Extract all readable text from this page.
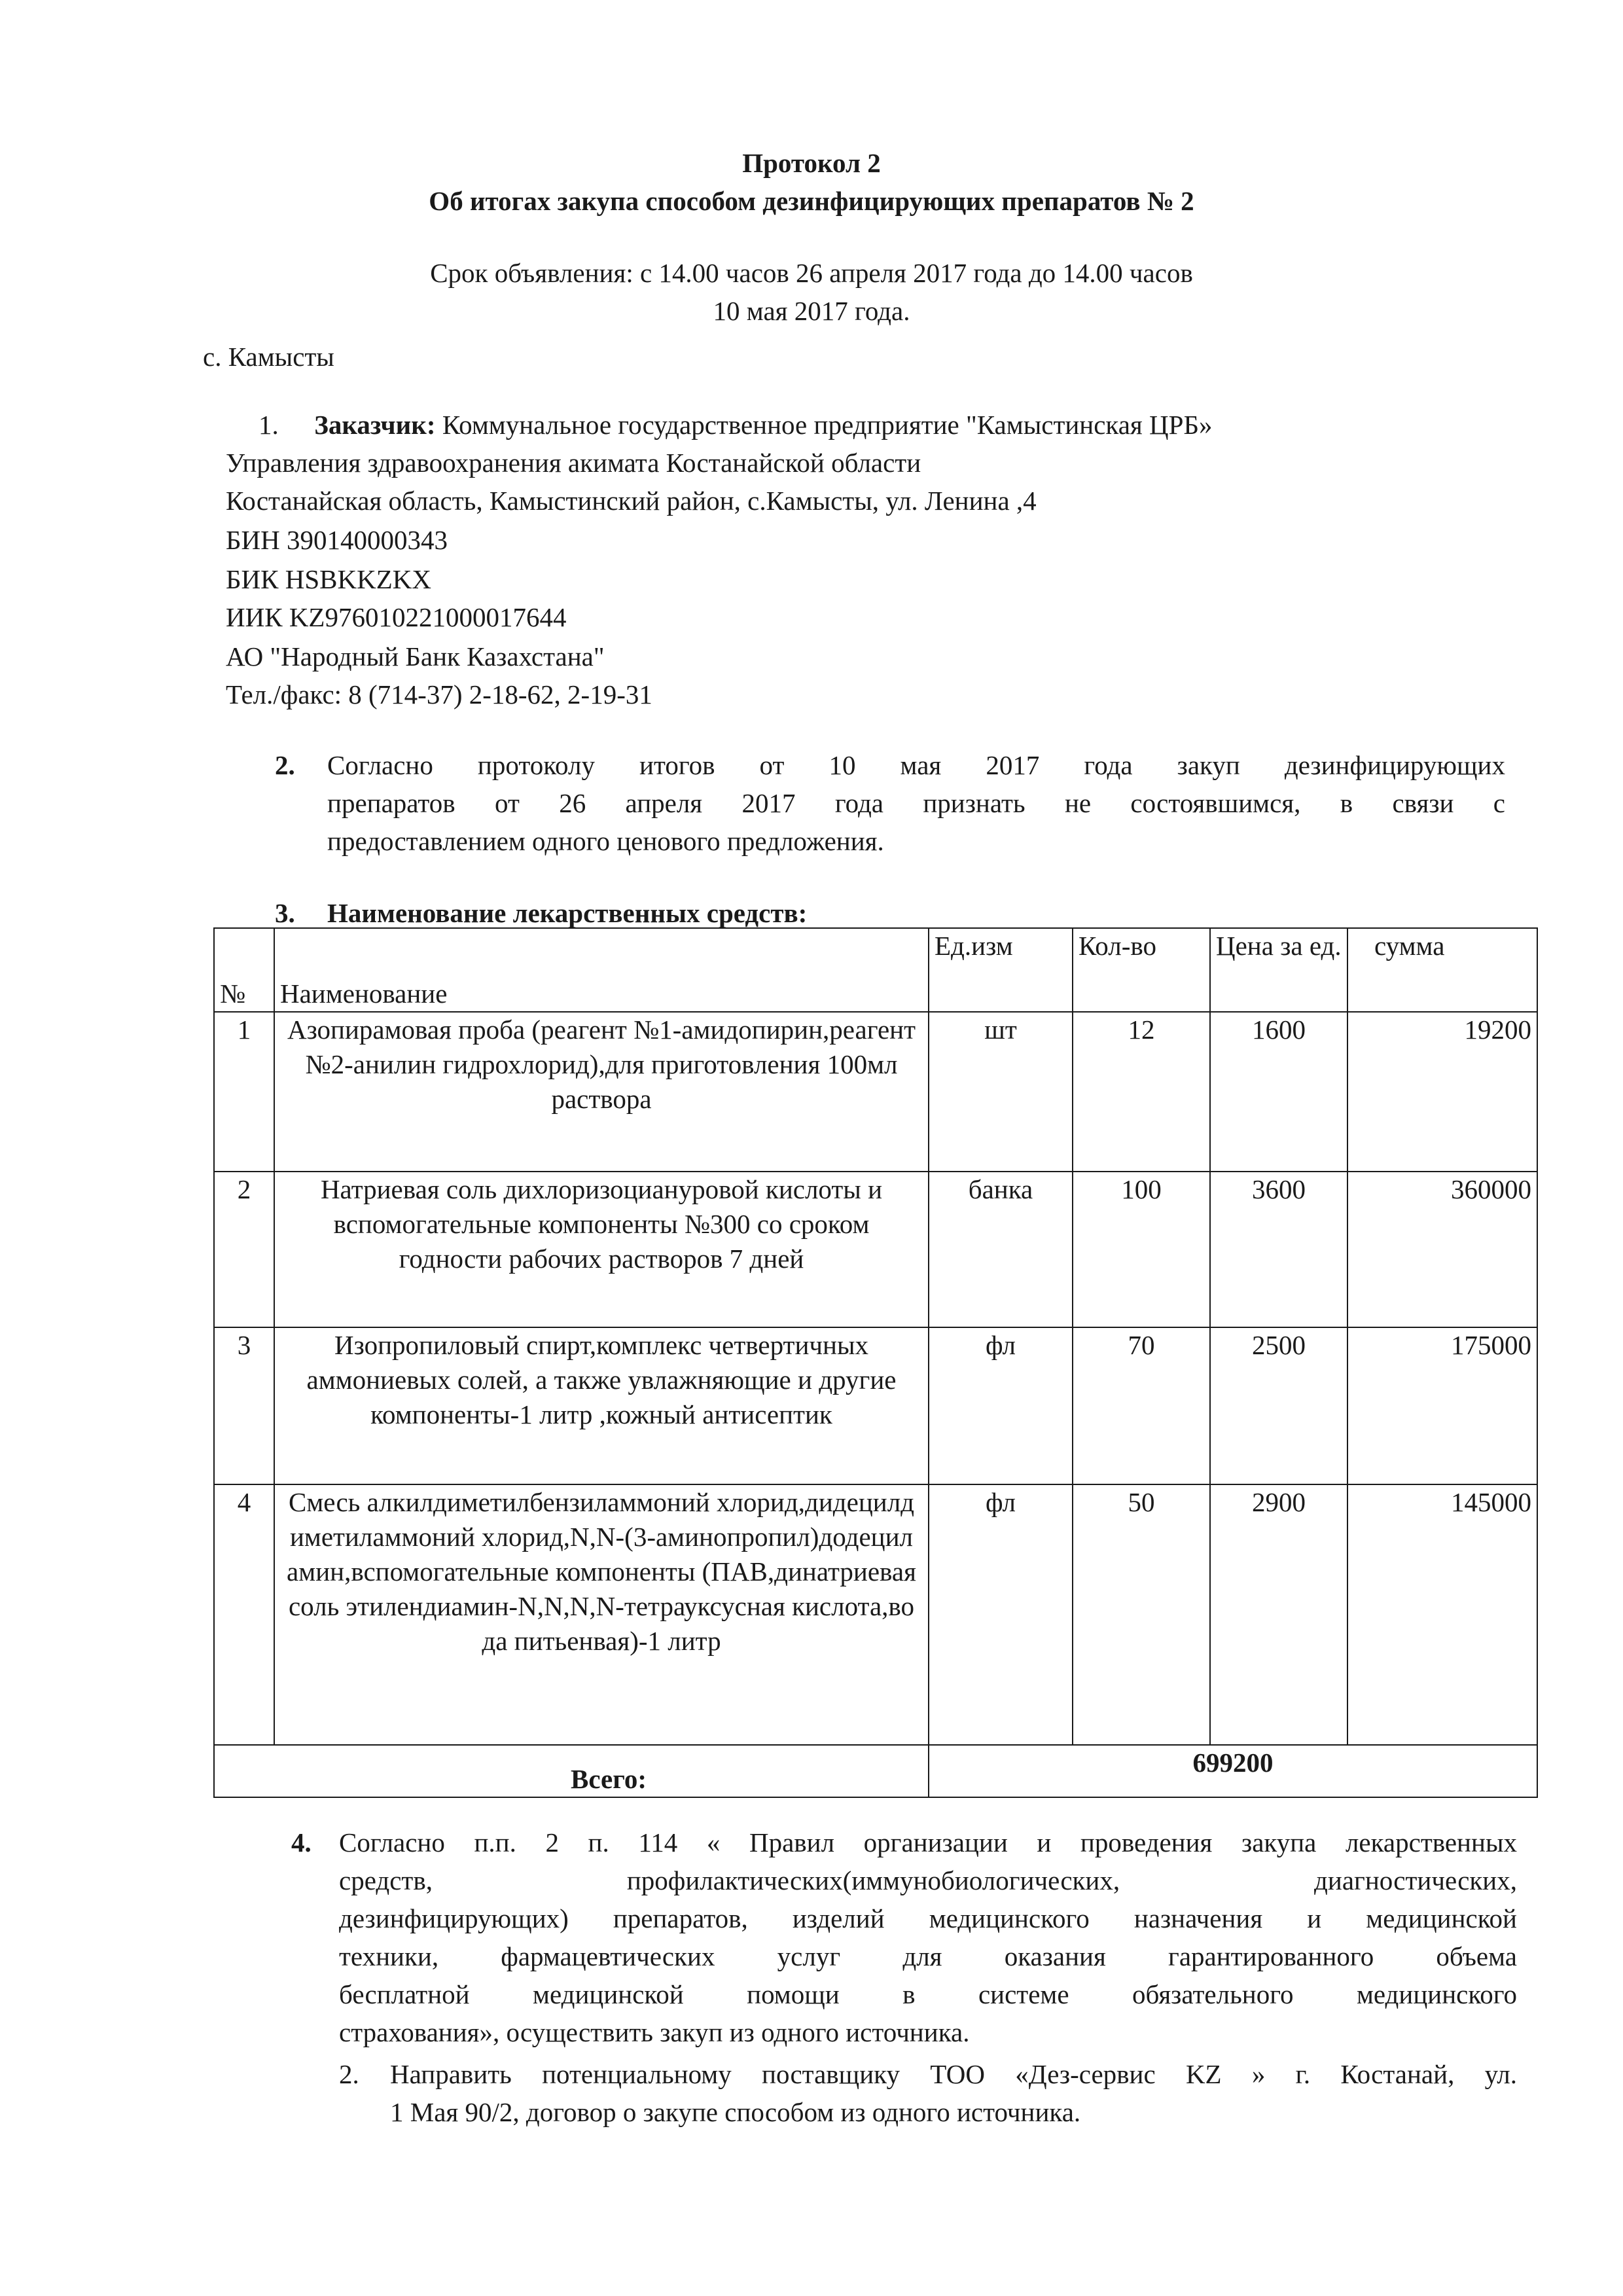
Протокол 2
Об итогах закупа способом дезинфицирующих препаратов № 2
Срок объявления: с 14.00 часов 26 апреля 2017 года до 14.00 часов
10 мая 2017 года.
с. Камысты
1. Заказчик: Коммунальное государственное предприятие "Камыстинская ЦРБ»
Управления здравоохранения акимата Костанайской области
Костанайская область, Камыстинский район, с.Камысты, ул. Ленина ,4
БИН 390140000343
БИК HSBKKZKX
ИИК KZ976010221000017644
АО "Народный Банк Казахстана"
Тел./факс: 8 (714-37) 2-18-62, 2-19-31
2. Согласно протоколу итогов от 10 мая 2017 года закуп дезинфицирующих
препаратов от 26 апреля 2017 года признать не состоявшимся, в связи с
предоставлением одного ценового предложения.
3. Наименование лекарственных средств:
№	Наименование	Ед.изм	Кол-во	Цена за ед.	сумма
1	Азопирамовая проба (реагент №1-амидопирин,реагент №2-анилин гидрохлорид),для приготовления 100мл раствора	шт	12	1600	19200
2	Натриевая соль дихлоризоциануровой кислоты и вспомогательные компоненты №300 со сроком годности рабочих растворов 7 дней	банка	100	3600	360000
3	Изопропиловый спирт,комплекс четвертичных аммониевых солей, а также увлажняющие и другие компоненты-1 литр ,кожный антисептик	фл	70	2500	175000
4	Смесь алкилдиметилбензиламмоний хлорид,дидецилдиметиламмоний хлорид,N,N-(3-аминопропил)додециламин,вспомогательные компоненты (ПАВ,динатриевая соль этилендиамин-N,N,N,N-тетрауксусная кислота,вода питьенвая)-1 литр	фл	50	2900	145000
Всего:		699200			
4. Согласно п.п. 2 п. 114 « Правил организации и проведения закупа лекарственных
средств, профилактических(иммунобиологических, диагностических,
дезинфицирующих) препаратов, изделий медицинского назначения и медицинской
техники, фармацевтических услуг для оказания гарантированного объема
бесплатной медицинской помощи в системе обязательного медицинского
страхования», осуществить закуп из одного источника.
2. Направить потенциальному поставщику ТОО «Дез-сервис KZ » г. Костанай, ул.
1 Мая 90/2, договор о закупе способом из одного источника.
